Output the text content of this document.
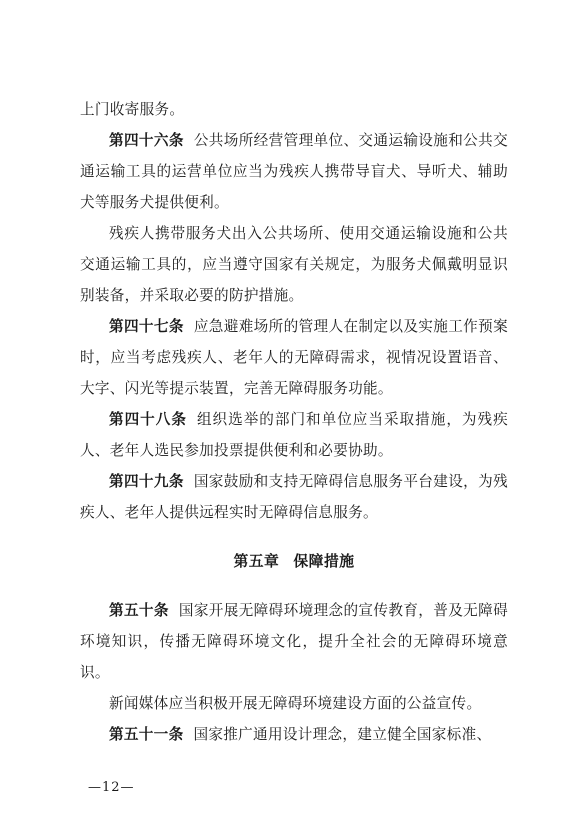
上门收寄服务。

第四十六条 公共场所经营管理单位、交通运输设施和公共交通运输工具的运营单位应当为残疾人携带导盲犬、导听犬、辅助犬等服务犬提供便利。

残疾人携带服务犬出入公共场所、使用交通运输设施和公共交通运输工具的，应当遵守国家有关规定，为服务犬佩戴明显识别装备，并采取必要的防护措施。

第四十七条 应急避难场所的管理人在制定以及实施工作预案时，应当考虑残疾人、老年人的无障碍需求，视情况设置语音、大字、闪光等提示装置，完善无障碍服务功能。

第四十八条 组织选举的部门和单位应当采取措施，为残疾人、老年人选民参加投票提供便利和必要协助。

第四十九条 国家鼓励和支持无障碍信息服务平台建设，为残疾人、老年人提供远程实时无障碍信息服务。

第五章 保障措施

第五十条 国家开展无障碍环境理念的宣传教育，普及无障碍环境知识，传播无障碍环境文化，提升全社会的无障碍环境意识。

新闻媒体应当积极开展无障碍环境建设方面的公益宣传。

第五十一条 国家推广通用设计理念，建立健全国家标准、

—12—
